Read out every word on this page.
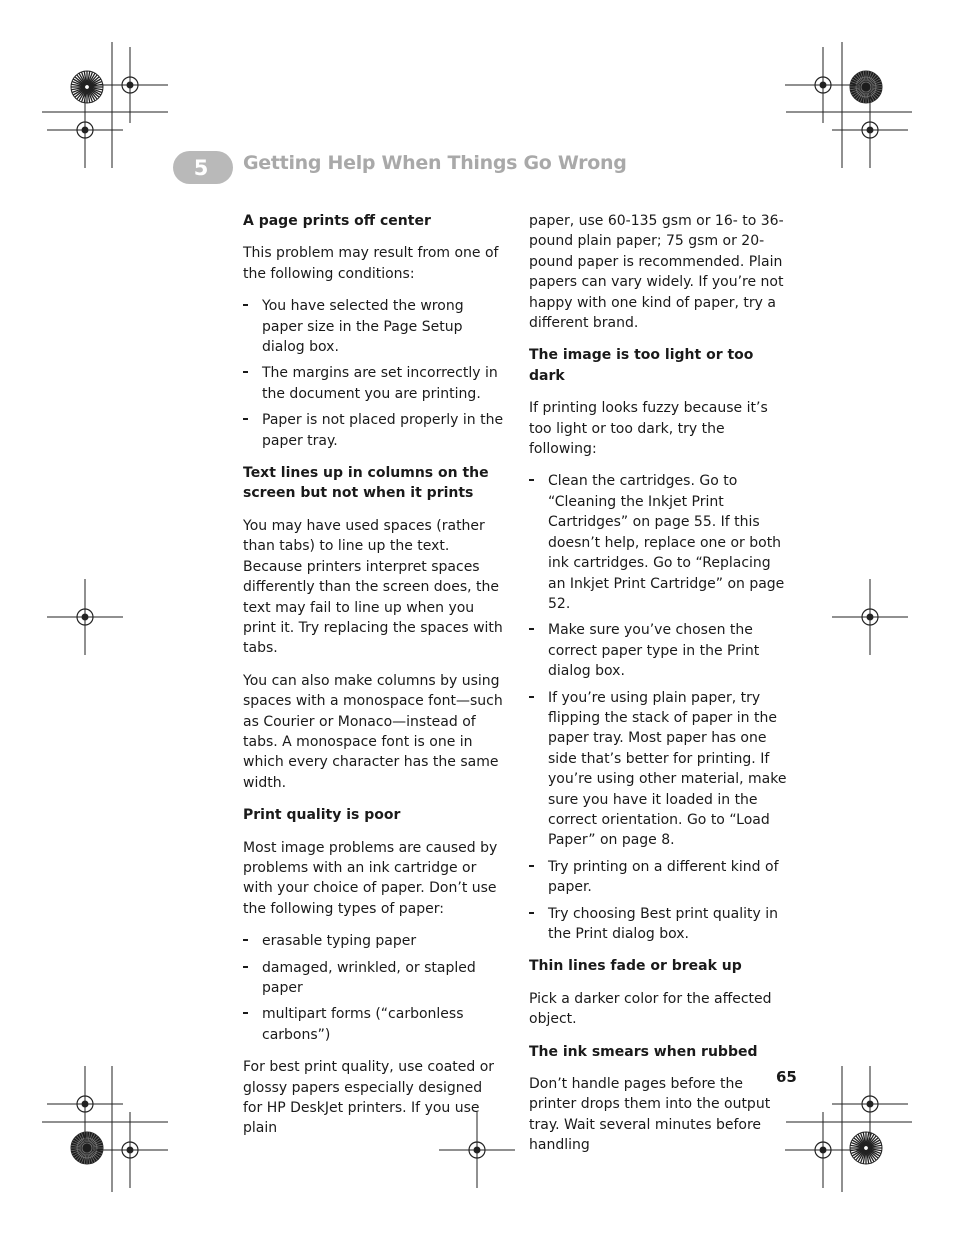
5 Getting Help When Things Go Wrong
A page prints off center

This problem may result from one of the following conditions:

You have selected the wrong paper size in the Page Setup dialog box.
The margins are set incorrectly in the document you are printing.
Paper is not placed properly in the paper tray.
Text lines up in columns on the screen but not when it prints

You may have used spaces (rather than tabs) to line up the text. Because printers interpret spaces differently than the screen does, the text may fail to line up when you print it. Try replacing the spaces with tabs.

You can also make columns by using spaces with a monospace font—such as Courier or Monaco—instead of tabs. A monospace font is one in which every character has the same width.

Print quality is poor

Most image problems are caused by problems with an ink cartridge or with your choice of paper. Don’t use the following types of paper:

erasable typing paper
damaged, wrinkled, or stapled paper
multipart forms (“carbonless carbons”)

For best print quality, use coated or glossy papers especially designed for HP DeskJet printers. If you use plain

paper, use 60-135 gsm or 16- to 36-pound plain paper; 75 gsm or 20-pound paper is recommended. Plain papers can vary widely. If you’re not happy with one kind of paper, try a different brand.

The image is too light or too dark

If printing looks fuzzy because it’s too light or too dark, try the following:

Clean the cartridges. Go to “Cleaning the Inkjet Print Cartridges” on page 55. If this doesn’t help, replace one or both ink cartridges. Go to “Replacing an Inkjet Print Cartridge” on page 52.
Make sure you’ve chosen the correct paper type in the Print dialog box.
If you’re using plain paper, try flipping the stack of paper in the paper tray. Most paper has one side that’s better for printing. If you’re using other material, make sure you have it loaded in the correct orientation. Go to “Load Paper” on page 8.
Try printing on a different kind of paper.
Try choosing Best print quality in the Print dialog box.
Thin lines fade or break up

Pick a darker color for the affected object.

The ink smears when rubbed

Don’t handle pages before the printer drops them into the output tray. Wait several minutes before handling

65
